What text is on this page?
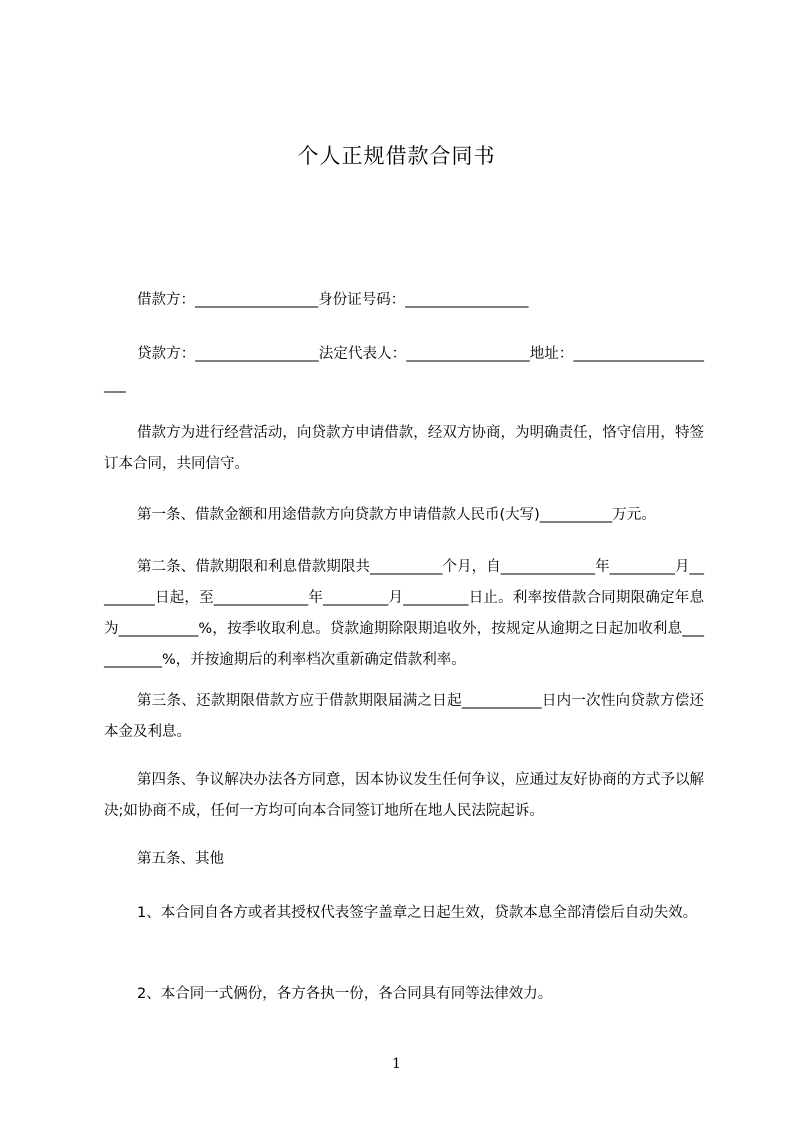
个人正规借款合同书

借款方：_________________身份证号码：_________________

贷款方：_________________法定代表人：_________________地址：_____________________

借款方为进行经营活动，向贷款方申请借款，经双方协商，为明确责任，恪守信用，特签订本合同，共同信守。

第一条、借款金额和用途借款方向贷款方申请借款人民币(大写)__________万元。

第二条、借款期限和利息借款期限共__________个月，自_____________年_________月_________日起，至_____________年_________月_________日止。利率按借款合同期限确定年息为___________%，按季收取利息。贷款逾期除限期追收外，按规定从逾期之日起加收利息___________%，并按逾期后的利率档次重新确定借款利率。

第三条、还款期限借款方应于借款期限届满之日起___________日内一次性向贷款方偿还本金及利息。

第四条、争议解决办法各方同意，因本协议发生任何争议，应通过友好协商的方式予以解决;如协商不成，任何一方均可向本合同签订地所在地人民法院起诉。

第五条、其他

1、本合同自各方或者其授权代表签字盖章之日起生效，贷款本息全部清偿后自动失效。

2、本合同一式俩份，各方各执一份，各合同具有同等法律效力。

1
